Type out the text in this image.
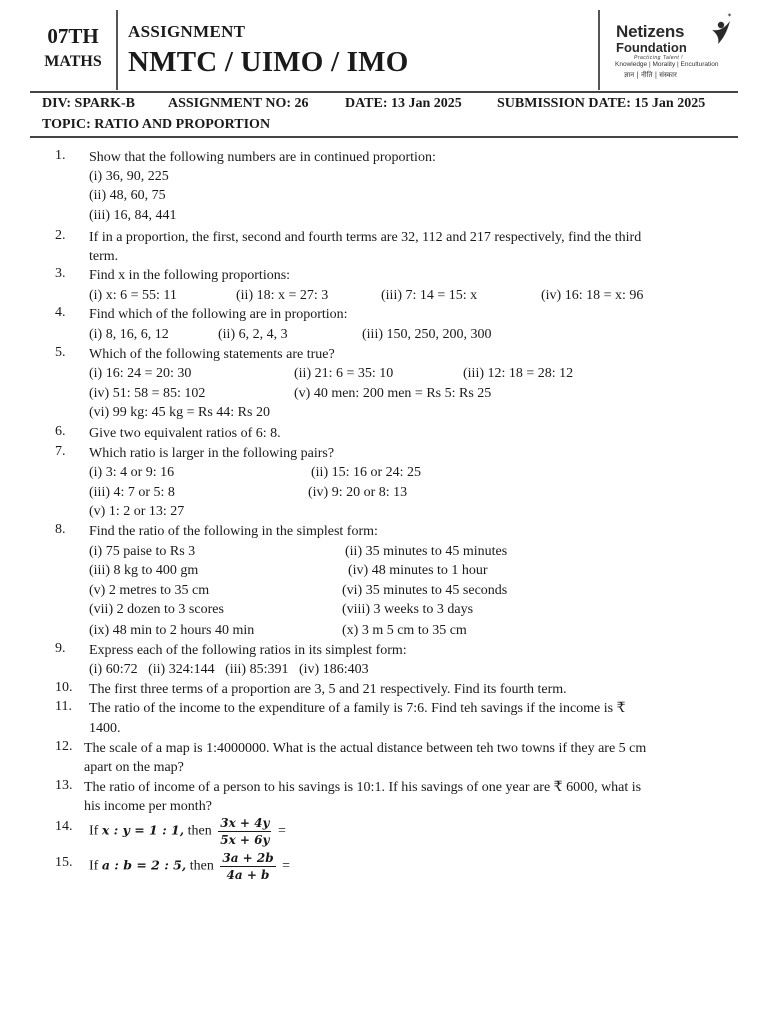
07TH
MATHS
ASSIGNMENT
NMTC / UIMO / IMO
Netizens
Foundation
Practicing Talent !
Knowledge | Morality | Enculturation
ज्ञान | नीति | संस्कार
✶
DIV: SPARK-B ASSIGNMENT NO: 26	DATE: 13 Jan 2025	SUBMISSION DATE: 15 Jan 2025
TOPIC: RATIO AND PROPORTION
1. Show that the following numbers are in continued proportion:
(i) 36, 90, 225
(ii) 48, 60, 75
(iii) 16, 84, 441
2. If in a proportion, the first, second and fourth terms are 32, 112 and 217 respectively, find the third
term.
3. Find x in the following proportions:
(i) x: 6 = 55: 11	(ii) 18: x = 27: 3	(iii) 7: 14 = 15: x	(iv) 16: 18 = x: 96
4. Find which of the following are in proportion:
(i) 8, 16, 6, 12	(ii) 6, 2, 4, 3	(iii) 150, 250, 200, 300
5. Which of the following statements are true?
(i) 16: 24 = 20: 30	(ii) 21: 6 = 35: 10	(iii) 12: 18 = 28: 12
(iv) 51: 58 = 85: 102	(v) 40 men: 200 men = Rs 5: Rs 25
(vi) 99 kg: 45 kg = Rs 44: Rs 20
6. Give two equivalent ratios of 6: 8.
7. Which ratio is larger in the following pairs?
(i) 3: 4 or 9: 16	(ii) 15: 16 or 24: 25
(iii) 4: 7 or 5: 8	(iv) 9: 20 or 8: 13
(v) 1: 2 or 13: 27
8. Find the ratio of the following in the simplest form:
(i) 75 paise to Rs 3	(ii) 35 minutes to 45 minutes
(iii) 8 kg to 400 gm	(iv) 48 minutes to 1 hour
(v) 2 metres to 35 cm	(vi) 35 minutes to 45 seconds
(vii) 2 dozen to 3 scores	(viii) 3 weeks to 3 days
(ix) 48 min to 2 hours 40 min	(x) 3 m 5 cm to 35 cm
9. Express each of the following ratios in its simplest form:
(i) 60:72   (ii) 324:144   (iii) 85:391   (iv) 186:403
10. The first three terms of a proportion are 3, 5 and 21 respectively. Find its fourth term.
11. The ratio of the income to the expenditure of a family is 7:6. Find teh savings if the income is ₹
1400.
12. The scale of a map is 1:4000000. What is the actual distance between teh two towns if they are 5 cm
apart on the map?
13. The ratio of income of a person to his savings is 10:1. If his savings of one year are ₹ 6000, what is
his income per month?
14. If x : y = 1 : 1, then $\frac{3x + 4y}{5x + 6y}$ =
15. If a : b = 2 : 5, then $\frac{3a + 2b}{4a + b}$ =
